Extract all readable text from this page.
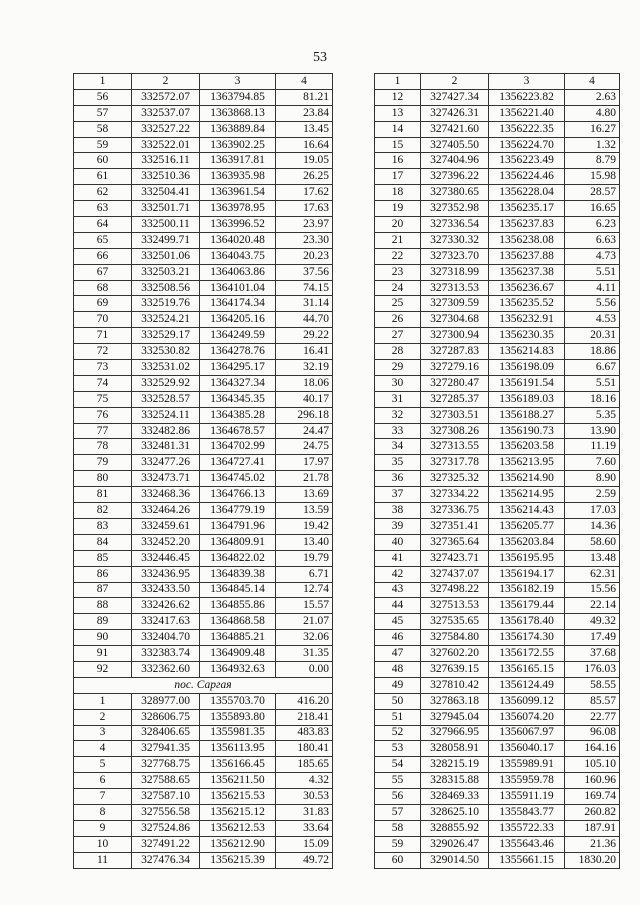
53
1	2	3	4
56	332572.07	1363794.85	81.21
57	332537.07	1363868.13	23.84
58	332527.22	1363889.84	13.45
59	332522.01	1363902.25	16.64
60	332516.11	1363917.81	19.05
61	332510.36	1363935.98	26.25
62	332504.41	1363961.54	17.62
63	332501.71	1363978.95	17.63
64	332500.11	1363996.52	23.97
65	332499.71	1364020.48	23.30
66	332501.06	1364043.75	20.23
67	332503.21	1364063.86	37.56
68	332508.56	1364101.04	74.15
69	332519.76	1364174.34	31.14
70	332524.21	1364205.16	44.70
71	332529.17	1364249.59	29.22
72	332530.82	1364278.76	16.41
73	332531.02	1364295.17	32.19
74	332529.92	1364327.34	18.06
75	332528.57	1364345.35	40.17
76	332524.11	1364385.28	296.18
77	332482.86	1364678.57	24.47
78	332481.31	1364702.99	24.75
79	332477.26	1364727.41	17.97
80	332473.71	1364745.02	21.78
81	332468.36	1364766.13	13.69
82	332464.26	1364779.19	13.59
83	332459.61	1364791.96	19.42
84	332452.20	1364809.91	13.40
85	332446.45	1364822.02	19.79
86	332436.95	1364839.38	6.71
87	332433.50	1364845.14	12.74
88	332426.62	1364855.86	15.57
89	332417.63	1364868.58	21.07
90	332404.70	1364885.21	32.06
91	332383.74	1364909.48	31.35
92	332362.60	1364932.63	0.00
пос. Саргая			
1	328977.00	1355703.70	416.20
2	328606.75	1355893.80	218.41
3	328406.65	1355981.35	483.83
4	327941.35	1356113.95	180.41
5	327768.75	1356166.45	185.65
6	327588.65	1356211.50	4.32
7	327587.10	1356215.53	30.53
8	327556.58	1356215.12	31.83
9	327524.86	1356212.53	33.64
10	327491.22	1356212.90	15.09
11	327476.34	1356215.39	49.72
1	2	3	4
12	327427.34	1356223.82	2.63
13	327426.31	1356221.40	4.80
14	327421.60	1356222.35	16.27
15	327405.50	1356224.70	1.32
16	327404.96	1356223.49	8.79
17	327396.22	1356224.46	15.98
18	327380.65	1356228.04	28.57
19	327352.98	1356235.17	16.65
20	327336.54	1356237.83	6.23
21	327330.32	1356238.08	6.63
22	327323.70	1356237.88	4.73
23	327318.99	1356237.38	5.51
24	327313.53	1356236.67	4.11
25	327309.59	1356235.52	5.56
26	327304.68	1356232.91	4.53
27	327300.94	1356230.35	20.31
28	327287.83	1356214.83	18.86
29	327279.16	1356198.09	6.67
30	327280.47	1356191.54	5.51
31	327285.37	1356189.03	18.16
32	327303.51	1356188.27	5.35
33	327308.26	1356190.73	13.90
34	327313.55	1356203.58	11.19
35	327317.78	1356213.95	7.60
36	327325.32	1356214.90	8.90
37	327334.22	1356214.95	2.59
38	327336.75	1356214.43	17.03
39	327351.41	1356205.77	14.36
40	327365.64	1356203.84	58.60
41	327423.71	1356195.95	13.48
42	327437.07	1356194.17	62.31
43	327498.22	1356182.19	15.56
44	327513.53	1356179.44	22.14
45	327535.65	1356178.40	49.32
46	327584.80	1356174.30	17.49
47	327602.20	1356172.55	37.68
48	327639.15	1356165.15	176.03
49	327810.42	1356124.49	58.55
50	327863.18	1356099.12	85.57
51	327945.04	1356074.20	22.77
52	327966.95	1356067.97	96.08
53	328058.91	1356040.17	164.16
54	328215.19	1355989.91	105.10
55	328315.88	1355959.78	160.96
56	328469.33	1355911.19	169.74
57	328625.10	1355843.77	260.82
58	328855.92	1355722.33	187.91
59	329026.47	1355643.46	21.36
60	329014.50	1355661.15	1830.20
